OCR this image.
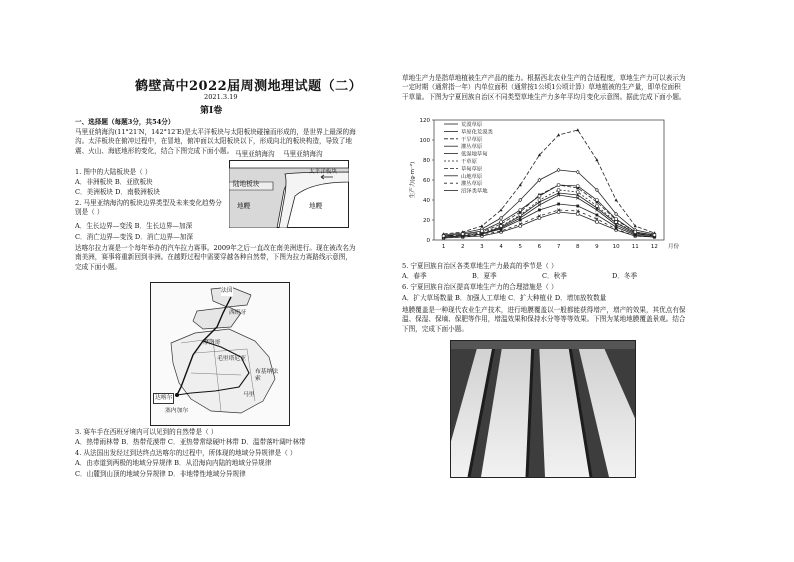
鹤壁高中2022届周测地理试题（二）
2021.3.19
第Ⅰ卷
一、选择题（每题3分，共54分）
马里亚纳海沟(11°21′N，142°12′E)是太平洋板块与太阳板块碰撞而形成的，是世界上最深的海沟。太洋板块在俯冲过程中，在冒地，俯冲面以太阳板块以下，形成向北的板块构造，导致了地震、火山、海底地形的变化，结合下图完成下面小题。
1. 图中的大陆板块是（ ）
A．非洲板块 B．亚欧板块
C．美洲板块 D．南极洲板块
2. 马里亚纳海沟的板块边界类型及未来变化趋势分别是（ ）
A．生长边界—变浅 B．生长边界—加深
C．消亡边界—变浅 D．消亡边界—加深
马里亚纳海沟 马里亚纳海沟
陆地板块
太平洋板块
地幔	地幔
达喀尔拉力赛是一个每年举办的汽车拉力赛事。2009年之后一直改在南美洲进行。现在被改名为南美洲，赛事将重新回到非洲。在越野过程中需要穿越各种自然带，下图为拉力赛路线示意图，完成下面小题。
法国
西班牙
摩洛哥
毛里塔尼亚
布基纳法索
马里
达喀尔
塞内加尔
3. 赛车手在西班牙境内可以见到的自然带是（ ）
A．热带雨林带 B．热带荒漠带 C．亚热带常绿硬叶林带 D．温带落叶阔叶林带
4. 从法国出发经过到达终点达喀尔的过程中，所体现的地域分异规律是（ ）
A．由赤道到两极的地域分异规律 B．从沿海向内陆的地域分异规律
C．山麓到山顶的地域分异规律 D．非地带性地域分异规律
草地生产力是指草地植被生产产品的能力。根据西北农业生产的合适程度，草地生产力可以表示为一定时期（通常指一年）内单位面积（通常按1公顷1公顷计算）草地植被的生产量，即单位面积干草量。下图为宁夏回族自治区不同类型草地生产力多年平均月变化示意图。据此完成下面小题。
0
20
40
60
80
100
120
1	2	3	4	5	6	7	8	9	10 11 12 月份
生产力(g·m⁻²)
荒漠草原
草原化荒漠类
干旱草原
灌丛草原
低湿地草甸
干草原
草甸草原
山地草原
灌丛草原
沼泽类草地
5. 宁夏回族自治区各类草地生产力最高的季节是（ ）
A．春季	B．夏季	C．秋季	D．冬季
6. 宁夏回族自治区提高草地生产力的合理措施是（ ）
A．扩大草场数量 B．加强人工草地 C．扩大种植业 D．增加放牧数量
地膜覆盖是一种现代农业生产技术，进行地膜覆盖以一般都能获得增产，增产的效果，其优点有保温、保湿、保墒、保肥等作用，增温效果和保持水分等等等效果。下图为某地地膜覆盖景观。结合下图，完成下面小题。
